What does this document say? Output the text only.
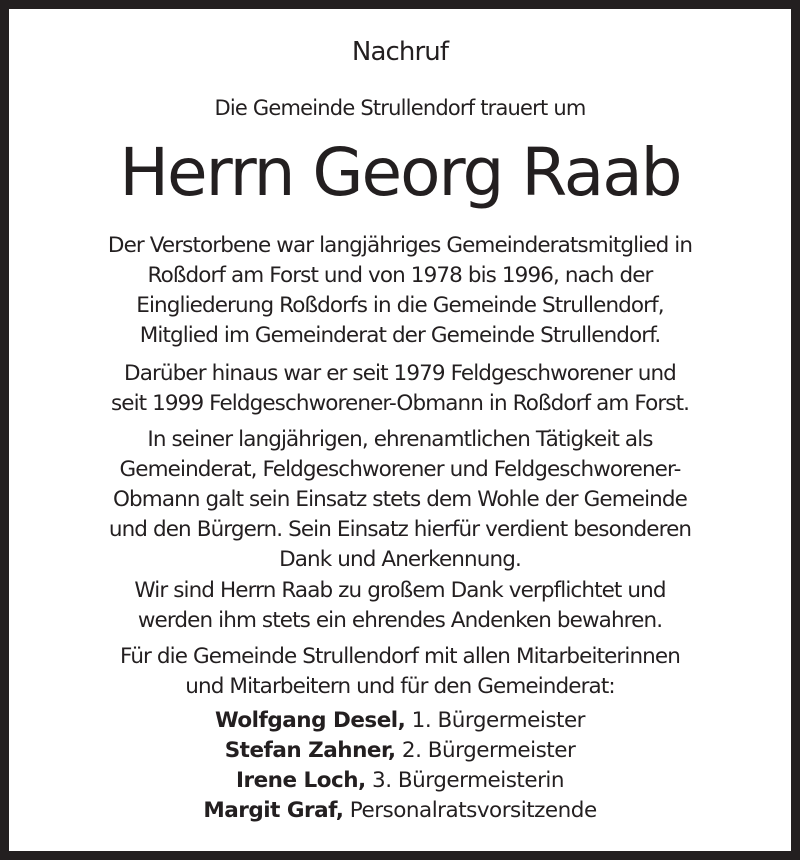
Nachruf
Die Gemeinde Strullendorf trauert um
Herrn Georg Raab
Der Verstorbene war langjähriges Gemeinderatsmitglied in
Roßdorf am Forst und von 1978 bis 1996, nach der
Eingliederung Roßdorfs in die Gemeinde Strullendorf,
Mitglied im Gemeinderat der Gemeinde Strullendorf.
Darüber hinaus war er seit 1979 Feldgeschworener und
seit 1999 Feldgeschworener-Obmann in Roßdorf am Forst.
In seiner langjährigen, ehrenamtlichen Tätigkeit als
Gemeinderat, Feldgeschworener und Feldgeschworener-
Obmann galt sein Einsatz stets dem Wohle der Gemeinde
und den Bürgern. Sein Einsatz hierfür verdient besonderen
Dank und Anerkennung.
Wir sind Herrn Raab zu großem Dank verpflichtet und
werden ihm stets ein ehrendes Andenken bewahren.
Für die Gemeinde Strullendorf mit allen Mitarbeiterinnen
und Mitarbeitern und für den Gemeinderat:
Wolfgang Desel, 1. Bürgermeister
Stefan Zahner, 2. Bürgermeister
Irene Loch, 3. Bürgermeisterin
Margit Graf, Personalratsvorsitzende
